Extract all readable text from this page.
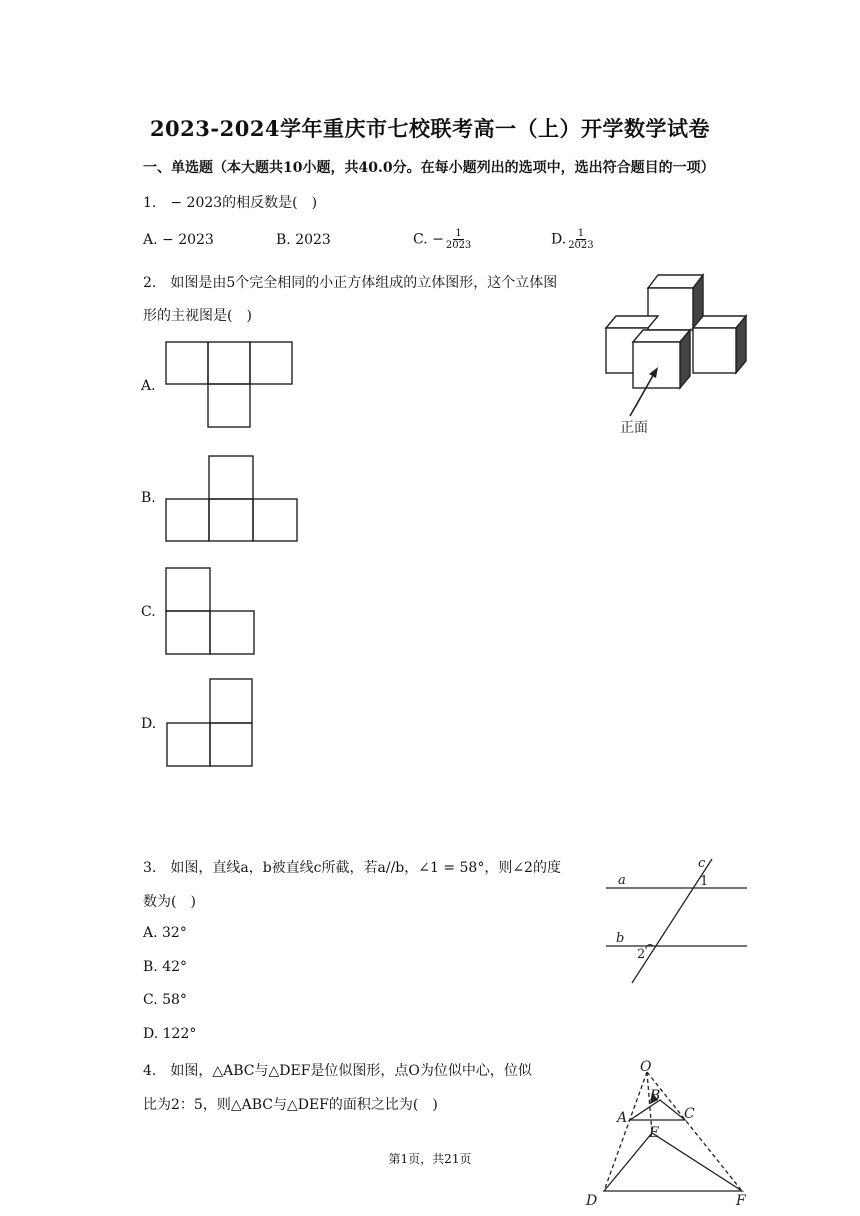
2023-2024学年重庆市七校联考高一（上）开学数学试卷
一、单选题（本大题共10小题，共40.0分。在每小题列出的选项中，选出符合题目的一项）
1.　− 2023的相反数是(　)
A. − 2023	B. 2023	C. − $\frac{1}{2023}$	D. $\frac{1}{2023}$
2.　如图是由5个完全相同的小正方体组成的立体图形，这个立体图
形的主视图是(　)
正面
A.
B.
C.
D.
3.　如图，直线a，b被直线c所截，若a//b，∠1 = 58°，则∠2的度
数为(　)
A. 32°
B. 42°
C. 58°
D. 122°
a
b
c
1
2
4.　如图，△ABC与△DEF是位似图形，点O为位似中心，位似
比为2：5，则△ABC与△DEF的面积之比为(　)
O
B
A	C
E
D	F
第1页，共21页
